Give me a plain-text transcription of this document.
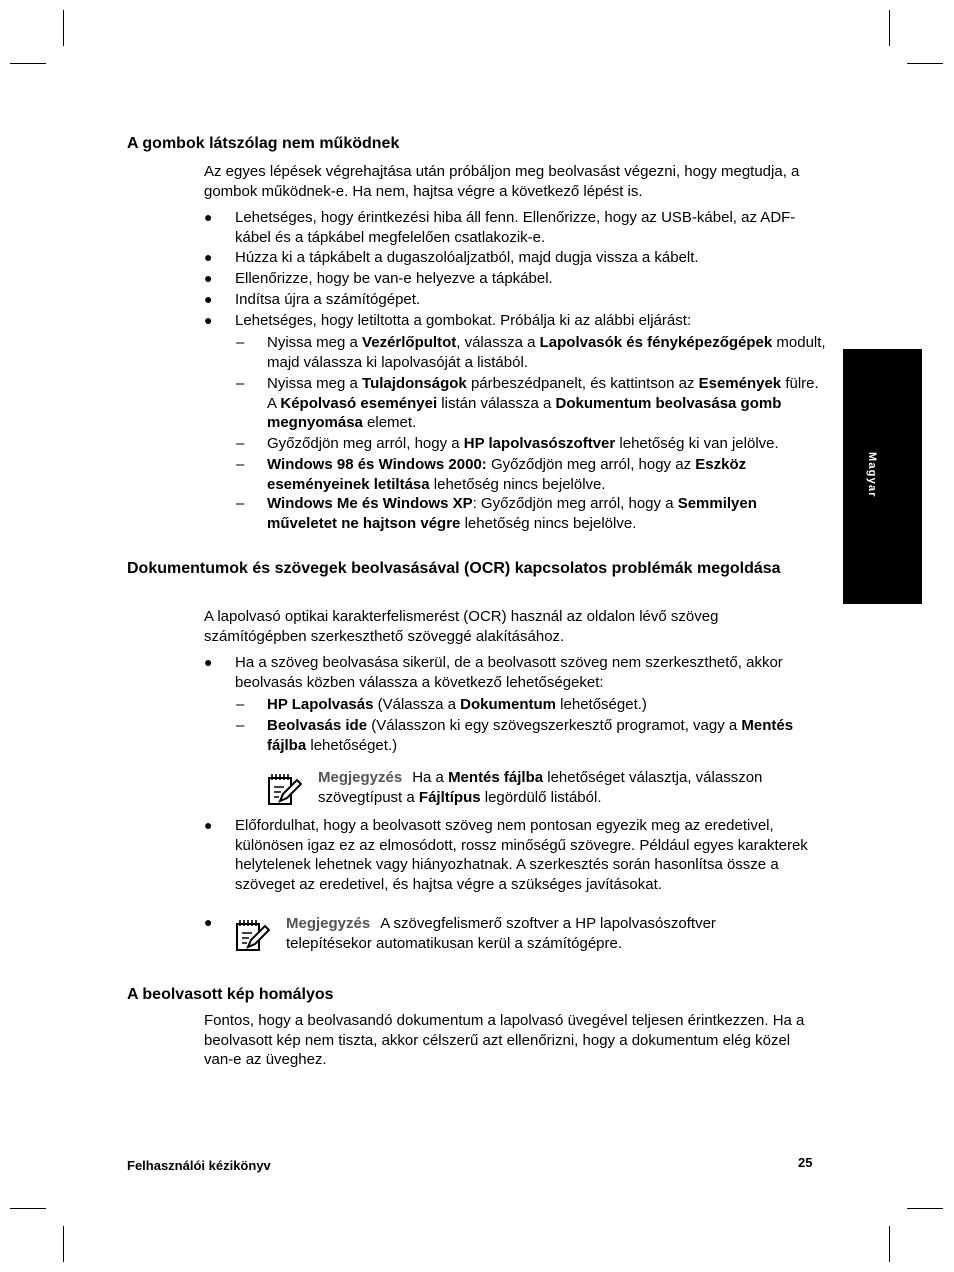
Magyar
A gombok látszólag nem működnek

Az egyes lépések végrehajtása után próbáljon meg beolvasást végezni, hogy megtudja, a gombok működnek-e. Ha nem, hajtsa végre a következő lépést is.

● Lehetséges, hogy érintkezési hiba áll fenn. Ellenőrizze, hogy az USB-kábel, az ADF-kábel és a tápkábel megfelelően csatlakozik-e.

● Húzza ki a tápkábelt a dugaszolóaljzatból, majd dugja vissza a kábelt.

● Ellenőrizze, hogy be van-e helyezve a tápkábel.

● Indítsa újra a számítógépet.

● Lehetséges, hogy letiltotta a gombokat. Próbálja ki az alábbi eljárást:

– Nyissa meg a Vezérlőpultot, válassza a Lapolvasók és fényképezőgépek modult, majd válassza ki lapolvasóját a listából.

– Nyissa meg a Tulajdonságok párbeszédpanelt, és kattintson az Események fülre. A Képolvasó eseményei listán válassza a Dokumentum beolvasása gomb megnyomása elemet.

– Győződjön meg arról, hogy a HP lapolvasószoftver lehetőség ki van jelölve.

– Windows 98 és Windows 2000: Győződjön meg arról, hogy az Eszköz eseményeinek letiltása lehetőség nincs bejelölve.

– Windows Me és Windows XP: Győződjön meg arról, hogy a Semmilyen műveletet ne hajtson végre lehetőség nincs bejelölve.

Dokumentumok és szövegek beolvasásával (OCR) kapcsolatos problémák megoldása

A lapolvasó optikai karakterfelismerést (OCR) használ az oldalon lévő szöveg számítógépben szerkeszthető szöveggé alakításához.

● Ha a szöveg beolvasása sikerül, de a beolvasott szöveg nem szerkeszthető, akkor beolvasás közben válassza a következő lehetőségeket:

– HP Lapolvasás (Válassza a Dokumentum lehetőséget.)

– Beolvasás ide (Válasszon ki egy szövegszerkesztő programot, vagy a Mentés fájlba lehetőséget.)

Megjegyzés Ha a Mentés fájlba lehetőséget választja, válasszon szövegtípust a Fájltípus legördülő listából.

● Előfordulhat, hogy a beolvasott szöveg nem pontosan egyezik meg az eredetivel, különösen igaz ez az elmosódott, rossz minőségű szövegre. Például egyes karakterek helytelenek lehetnek vagy hiányozhatnak. A szerkesztés során hasonlítsa össze a szöveget az eredetivel, és hajtsa végre a szükséges javításokat.

●	Megjegyzés A szövegfelismerő szoftver a HP lapolvasószoftver telepítésekor automatikusan kerül a számítógépre.

A beolvasott kép homályos

Fontos, hogy a beolvasandó dokumentum a lapolvasó üvegével teljesen érintkezzen. Ha a beolvasott kép nem tiszta, akkor célszerű azt ellenőrizni, hogy a dokumentum elég közel van-e az üveghez.

Felhasználói kézikönyv	25
